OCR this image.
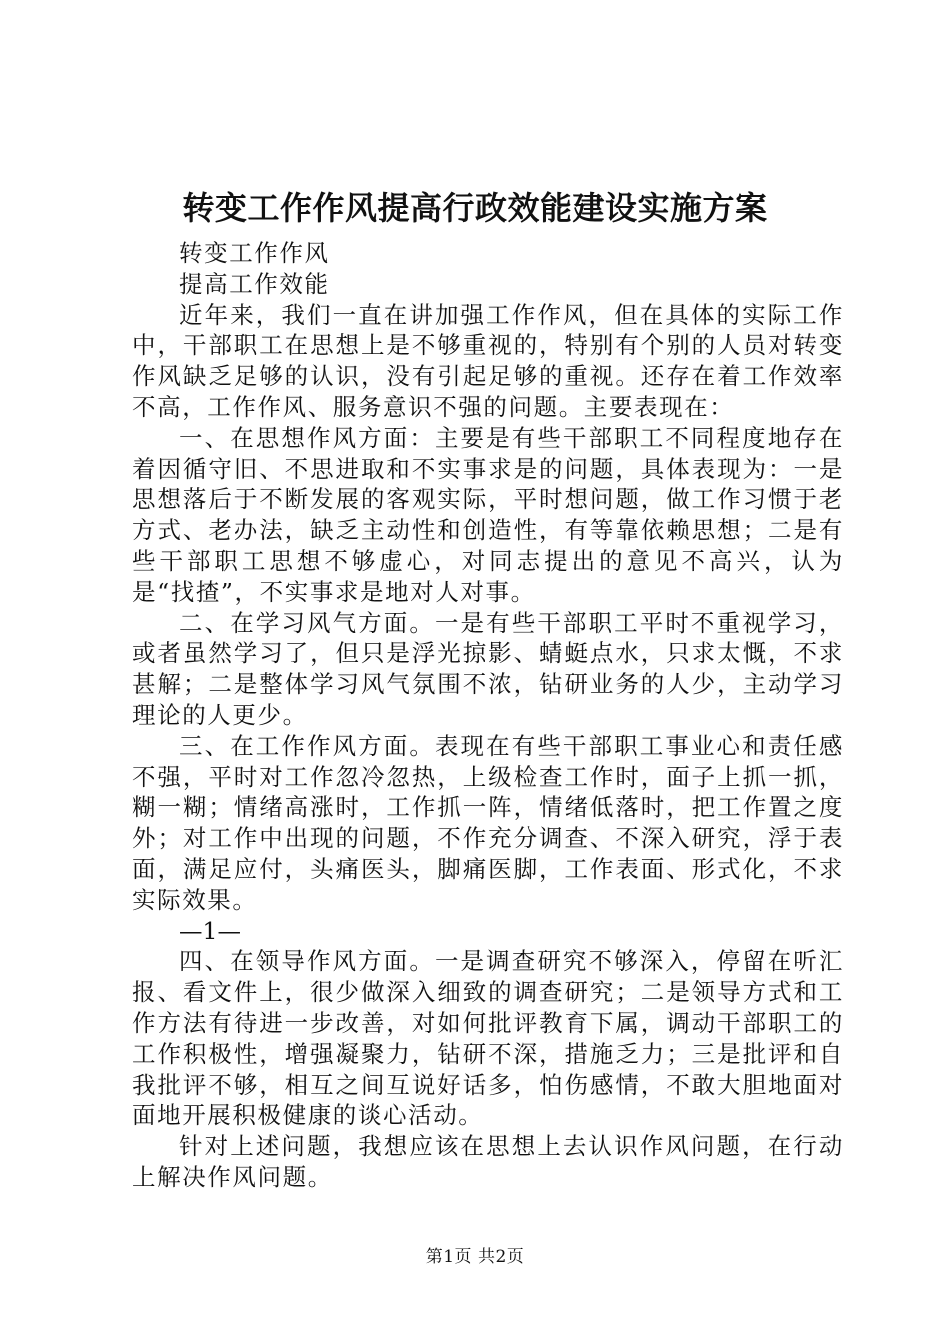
转变工作作风提高行政效能建设实施方案

转变工作作风

提高工作效能

近年来，我们一直在讲加强工作作风，但在具体的实际工作中，干部职工在思想上是不够重视的，特别有个别的人员对转变作风缺乏足够的认识，没有引起足够的重视。还存在着工作效率不高，工作作风、服务意识不强的问题。主要表现在：

一、在思想作风方面：主要是有些干部职工不同程度地存在着因循守旧、不思进取和不实事求是的问题，具体表现为：一是思想落后于不断发展的客观实际，平时想问题，做工作习惯于老方式、老办法，缺乏主动性和创造性，有等靠依赖思想；二是有些干部职工思想不够虚心，对同志提出的意见不高兴，认为是“找揸”，不实事求是地对人对事。

二、在学习风气方面。一是有些干部职工平时不重视学习，或者虽然学习了，但只是浮光掠影、蜻蜓点水，只求太慨，不求甚解；二是整体学习风气氛围不浓，钻研业务的人少，主动学习理论的人更少。

三、在工作作风方面。表现在有些干部职工事业心和责任感不强，平时对工作忽冷忽热，上级检查工作时，面子上抓一抓，糊一糊；情绪高涨时，工作抓一阵，情绪低落时，把工作置之度外；对工作中出现的问题，不作充分调查、不深入研究，浮于表面，满足应付，头痛医头，脚痛医脚，工作表面、形式化，不求实际效果。

—1—

四、在领导作风方面。一是调查研究不够深入，停留在听汇报、看文件上，很少做深入细致的调查研究；二是领导方式和工作方法有待进一步改善，对如何批评教育下属，调动干部职工的工作积极性，增强凝聚力，钻研不深，措施乏力；三是批评和自我批评不够，相互之间互说好话多，怕伤感情，不敢大胆地面对面地开展积极健康的谈心活动。

针对上述问题，我想应该在思想上去认识作风问题，在行动上解决作风问题。

第1页 共2页
